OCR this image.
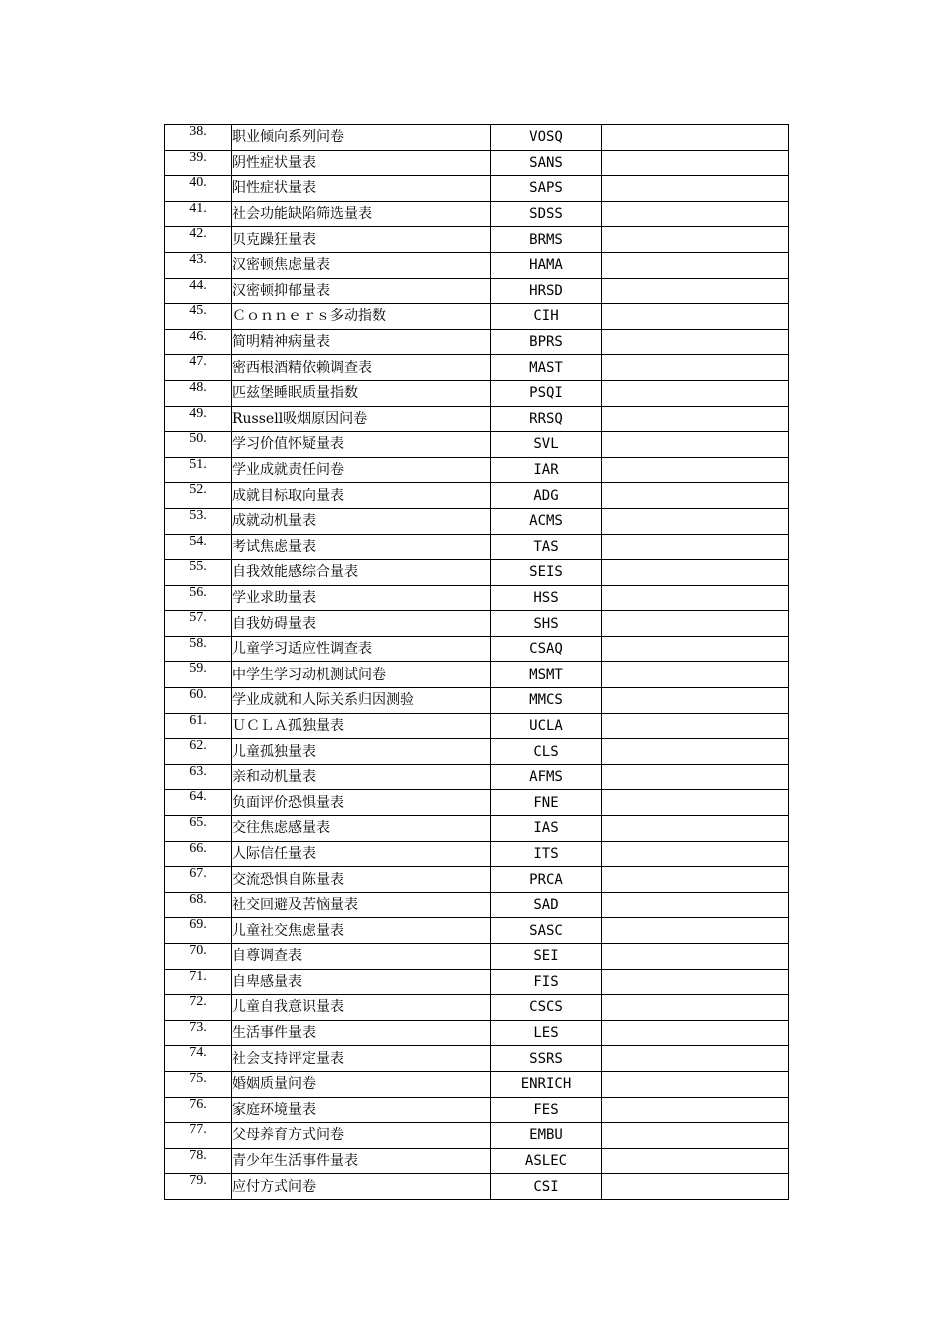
38.	职业倾向系列问卷	VOSQ	
39.	阴性症状量表	SANS	
40.	阳性症状量表	SAPS	
41.	社会功能缺陷筛选量表	SDSS	
42.	贝克躁狂量表	BRMS	
43.	汉密顿焦虑量表	HAMA	
44.	汉密顿抑郁量表	HRSD	
45.	Ｃｏｎｎｅｒｓ多动指数	CIH	
46.	简明精神病量表	BPRS	
47.	密西根酒精依赖调查表	MAST	
48.	匹兹堡睡眠质量指数	PSQI	
49.	Russell吸烟原因问卷	RRSQ	
50.	学习价值怀疑量表	SVL	
51.	学业成就责任问卷	IAR	
52.	成就目标取向量表	ADG	
53.	成就动机量表	ACMS	
54.	考试焦虑量表	TAS	
55.	自我效能感综合量表	SEIS	
56.	学业求助量表	HSS	
57.	自我妨碍量表	SHS	
58.	儿童学习适应性调查表	CSAQ	
59.	中学生学习动机测试问卷	MSMT	
60.	学业成就和人际关系归因测验	MMCS	
61.	ＵＣＬＡ孤独量表	UCLA	
62.	儿童孤独量表	CLS	
63.	亲和动机量表	AFMS	
64.	负面评价恐惧量表	FNE	
65.	交往焦虑感量表	IAS	
66.	人际信任量表	ITS	
67.	交流恐惧自陈量表	PRCA	
68.	社交回避及苦恼量表	SAD	
69.	儿童社交焦虑量表	SASC	
70.	自尊调查表	SEI	
71.	自卑感量表	FIS	
72.	儿童自我意识量表	CSCS	
73.	生活事件量表	LES	
74.	社会支持评定量表	SSRS	
75.	婚姻质量问卷	ENRICH	
76.	家庭环境量表	FES	
77.	父母养育方式问卷	EMBU	
78.	青少年生活事件量表	ASLEC	
79.	应付方式问卷	CSI	
